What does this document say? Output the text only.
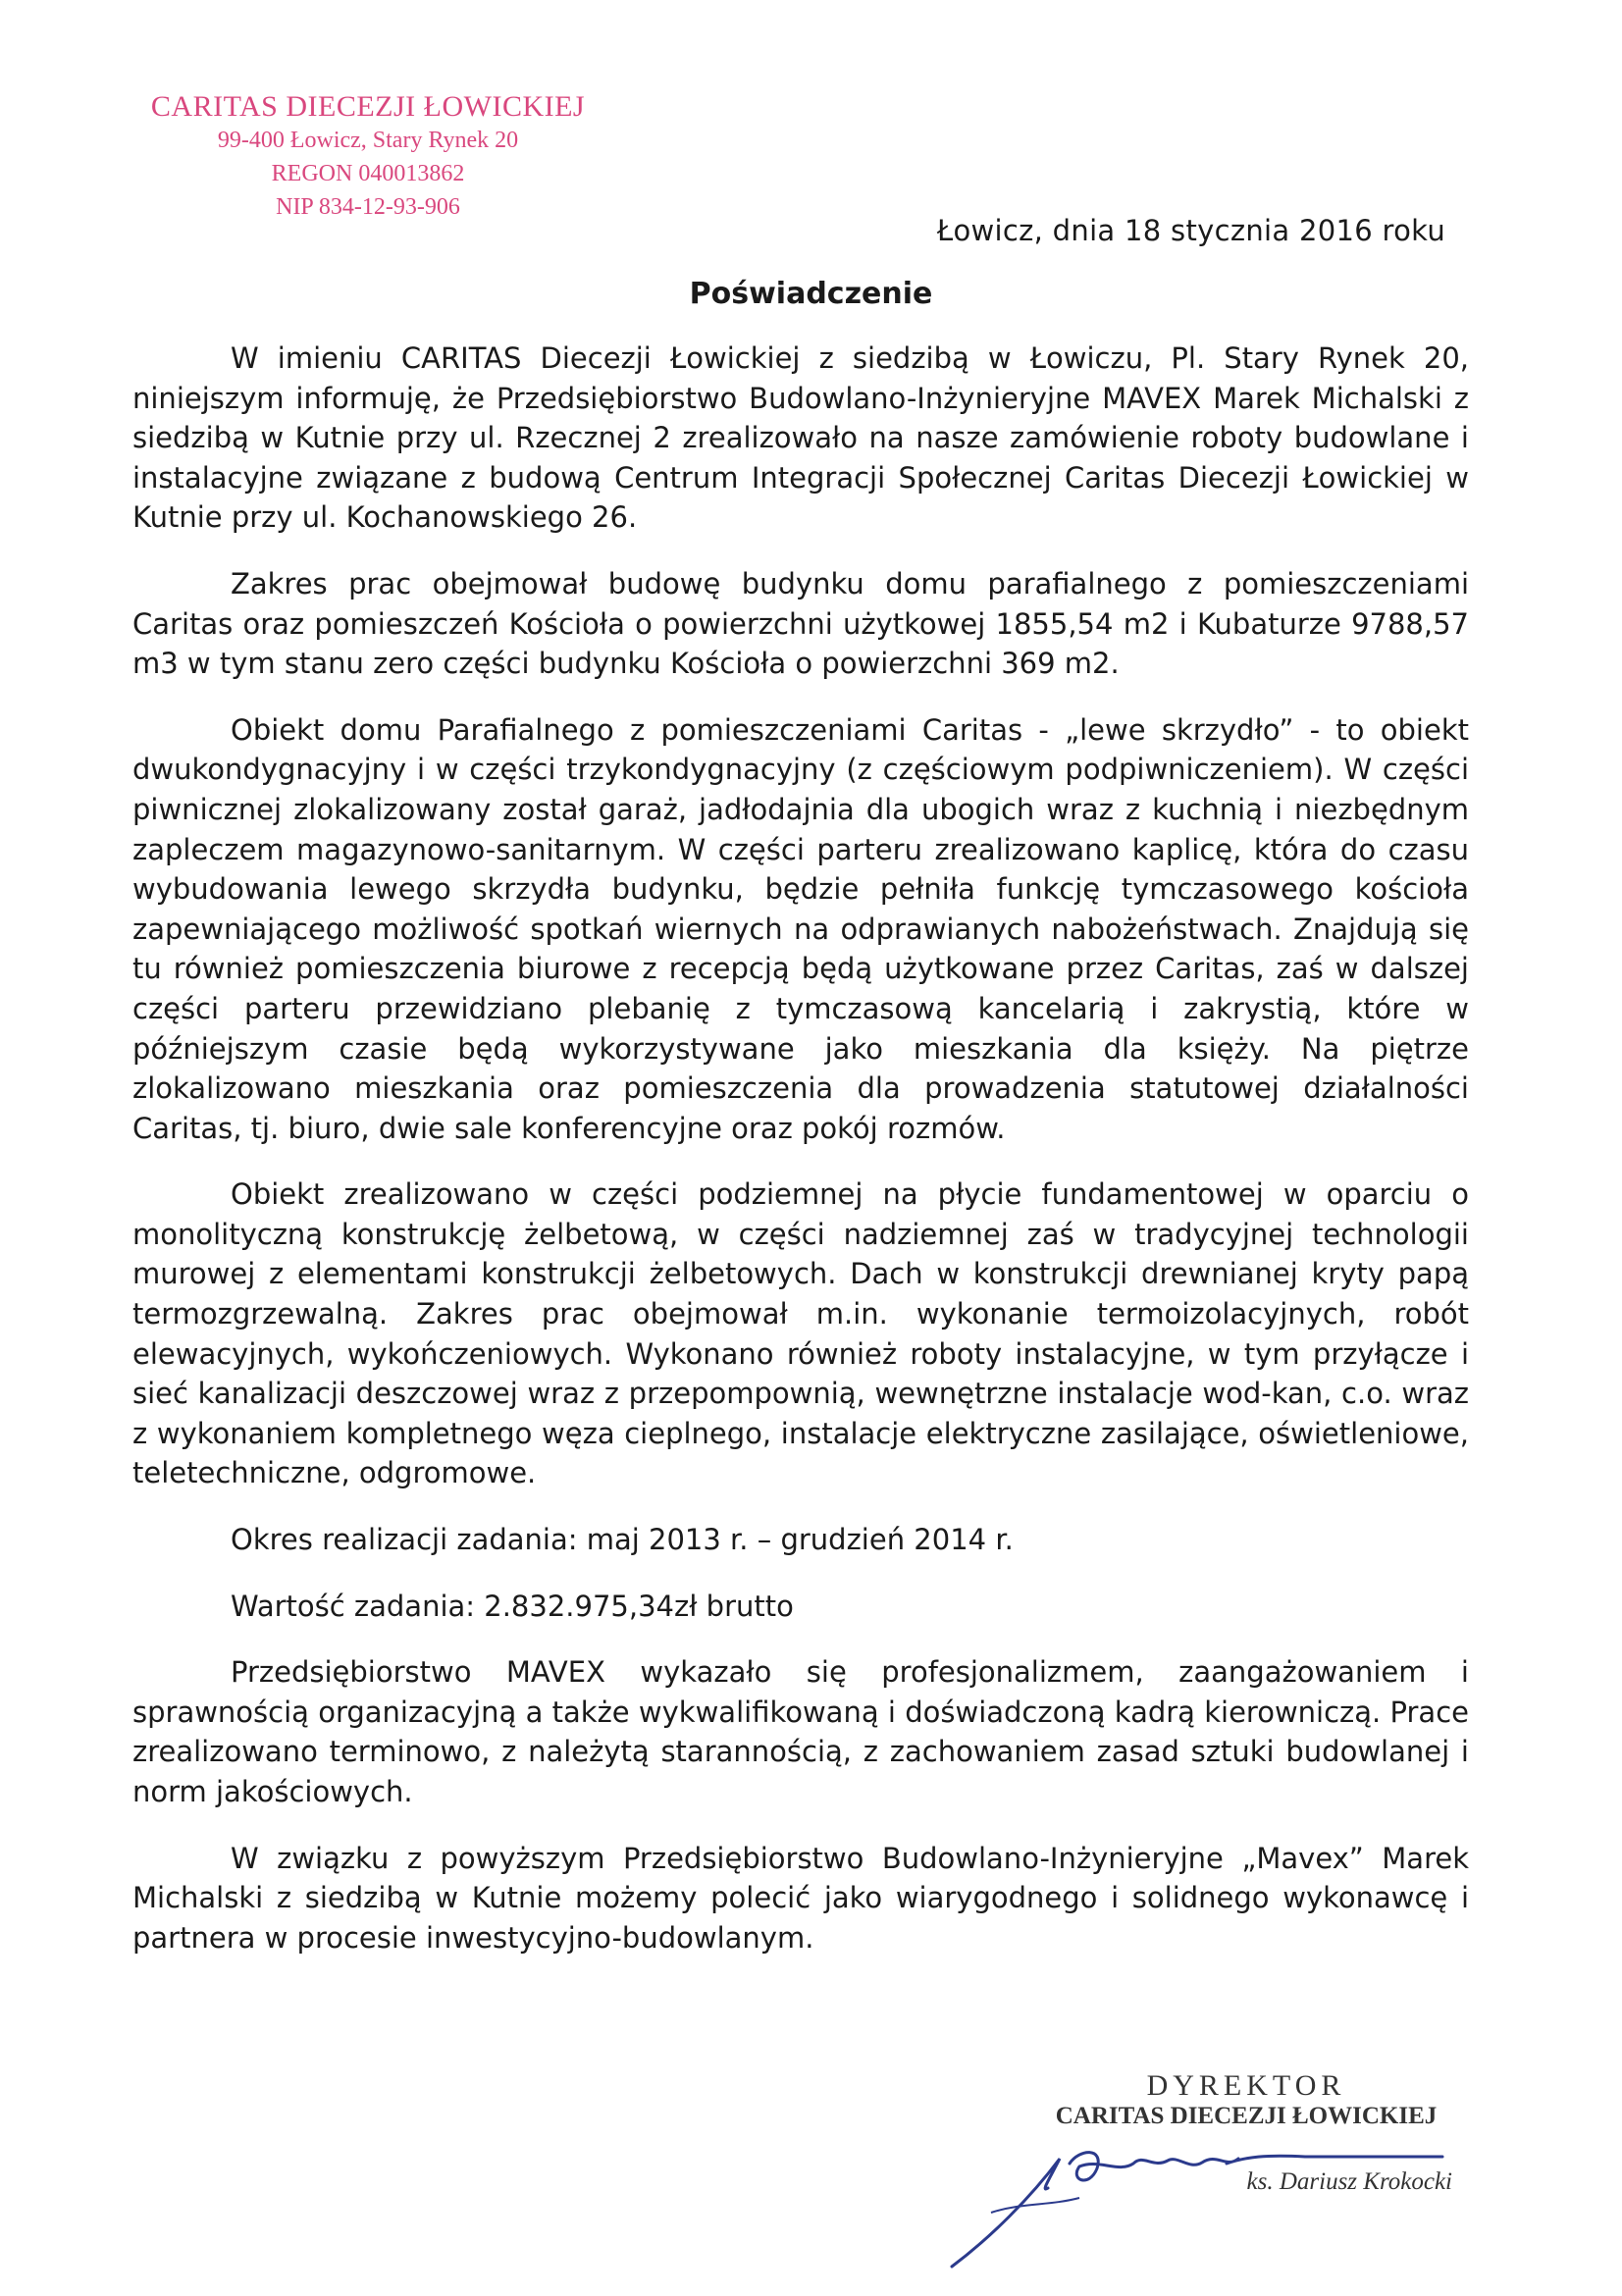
CARITAS DIECEZJI ŁOWICKIEJ
99-400 Łowicz, Stary Rynek 20
REGON 040013862
NIP 834-12-93-906
Łowicz, dnia 18 stycznia 2016 roku
Poświadczenie

W imieniu CARITAS Diecezji Łowickiej z siedzibą w Łowiczu, Pl. Stary Rynek 20, niniejszym informuję, że Przedsiębiorstwo Budowlano-Inżynieryjne MAVEX Marek Michalski z siedzibą w Kutnie przy ul. Rzecznej 2 zrealizowało na nasze zamówienie roboty budowlane i instalacyjne związane z budową Centrum Integracji Społecznej Caritas Diecezji Łowickiej w Kutnie przy ul. Kochanowskiego 26.

Zakres prac obejmował budowę budynku domu parafialnego z pomieszczeniami Caritas oraz pomieszczeń Kościoła o powierzchni użytkowej 1855,54 m2 i Kubaturze 9788,57 m3 w tym stanu zero części budynku Kościoła o powierzchni 369 m2.

Obiekt domu Parafialnego z pomieszczeniami Caritas - „lewe skrzydło” - to obiekt dwukondygnacyjny i w części trzykondygnacyjny (z częściowym podpiwniczeniem). W części piwnicznej zlokalizowany został garaż, jadłodajnia dla ubogich wraz z kuchnią i niezbędnym zapleczem magazynowo-sanitarnym. W części parteru zrealizowano kaplicę, która do czasu wybudowania lewego skrzydła budynku, będzie pełniła funkcję tymczasowego kościoła zapewniającego możliwość spotkań wiernych na odprawianych nabożeństwach. Znajdują się tu również pomieszczenia biurowe z recepcją będą użytkowane przez Caritas, zaś w dalszej części parteru przewidziano plebanię z tymczasową kancelarią i zakrystią, które w późniejszym czasie będą wykorzystywane jako mieszkania dla księży. Na piętrze zlokalizowano mieszkania oraz pomieszczenia dla prowadzenia statutowej działalności Caritas, tj. biuro, dwie sale konferencyjne oraz pokój rozmów.

Obiekt zrealizowano w części podziemnej na płycie fundamentowej w oparciu o monolityczną konstrukcję żelbetową, w części nadziemnej zaś w tradycyjnej technologii murowej z elementami konstrukcji żelbetowych. Dach w konstrukcji drewnianej kryty papą termozgrzewalną. Zakres prac obejmował m.in. wykonanie termoizolacyjnych, robót elewacyjnych, wykończeniowych. Wykonano również roboty instalacyjne, w tym przyłącze i sieć kanalizacji deszczowej wraz z przepompownią, wewnętrzne instalacje wod-kan, c.o. wraz z wykonaniem kompletnego węza cieplnego, instalacje elektryczne zasilające, oświetleniowe, teletechniczne, odgromowe.

Okres realizacji zadania: maj 2013 r. – grudzień 2014 r.

Wartość zadania: 2.832.975,34zł brutto

Przedsiębiorstwo MAVEX wykazało się profesjonalizmem, zaangażowaniem i sprawnością organizacyjną a także wykwalifikowaną i doświadczoną kadrą kierowniczą. Prace zrealizowano terminowo, z należytą starannością, z zachowaniem zasad sztuki budowlanej i norm jakościowych.

W związku z powyższym Przedsiębiorstwo Budowlano-Inżynieryjne „Mavex” Marek Michalski z siedzibą w Kutnie możemy polecić jako wiarygodnego i solidnego wykonawcę i partnera w procesie inwestycyjno-budowlanym.

DYREKTOR
CARITAS DIECEZJI ŁOWICKIEJ
ks. Dariusz Krokocki
